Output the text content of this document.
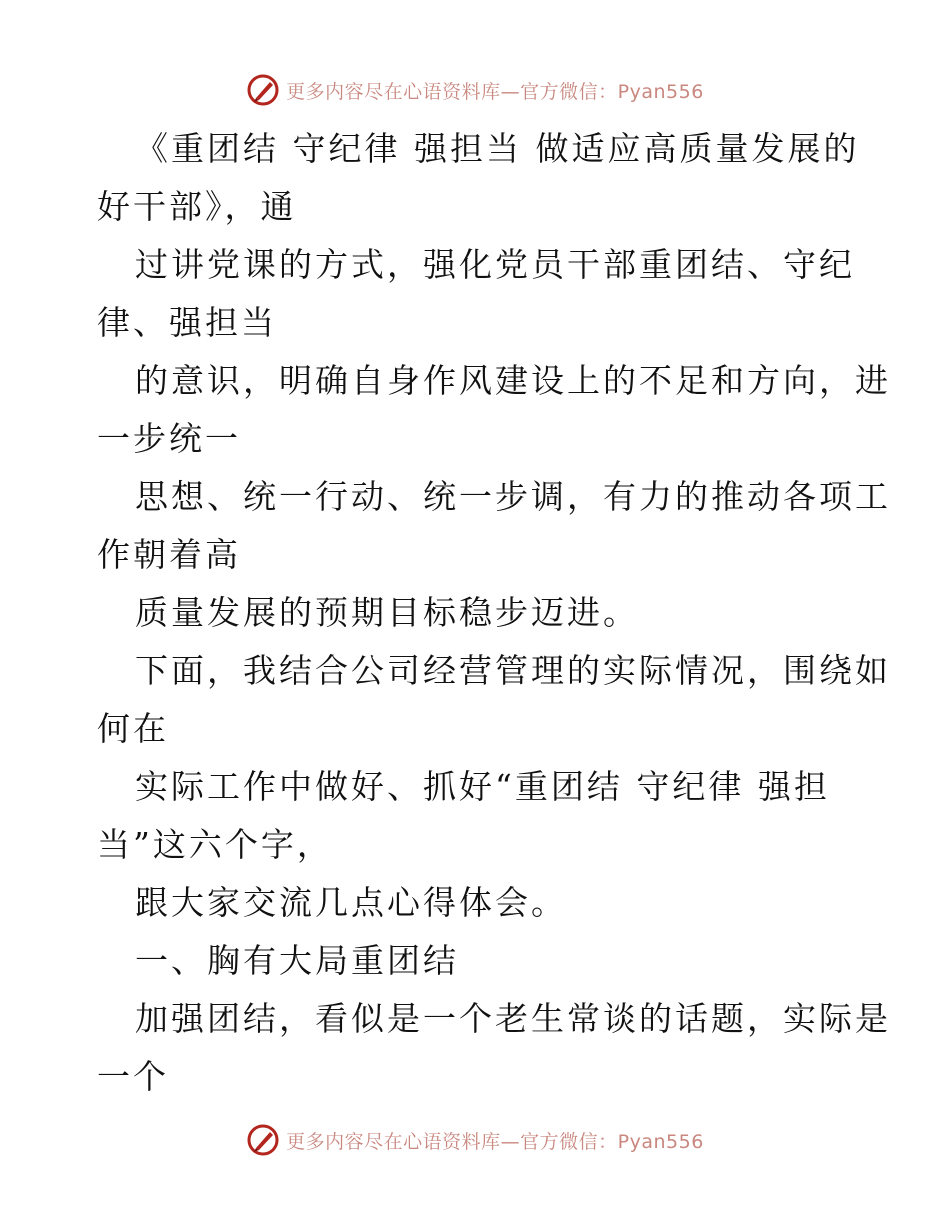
更多内容尽在心语资料库—官方微信：Pyan556
《重团结 守纪律 强担当 做适应高质量发展的
好干部》，通
过讲党课的方式，强化党员干部重团结、守纪
律、强担当
的意识，明确自身作风建设上的不足和方向，进
一步统一
思想、统一行动、统一步调，有力的推动各项工
作朝着高
质量发展的预期目标稳步迈进。
下面，我结合公司经营管理的实际情况，围绕如
何在
实际工作中做好、抓好“重团结 守纪律 强担
当”这六个字，
跟大家交流几点心得体会。
一、胸有大局重团结
加强团结，看似是一个老生常谈的话题，实际是
一个
更多内容尽在心语资料库—官方微信：Pyan556
